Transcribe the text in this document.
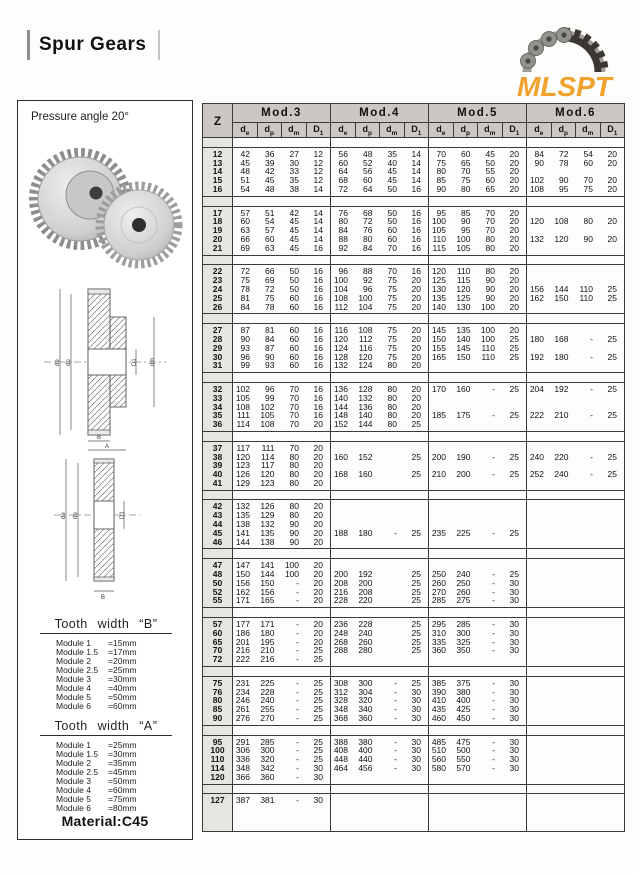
Spur Gears
MLSPT
Pressure angle 20°
de dp	D1 dm
B
A
de dp	D1
B
Tooth width “B”
Module 1	=15mm
Module 1.5	=17mm
Module 2	=20mm
Module 2.5	=25mm
Module 3	=30mm
Module 4	=40mm
Module 5	=50mm
Module 6	=60mm
Tooth width “A”
Module 1	=25mm
Module 1.5	=30mm
Module 2	=35mm
Module 2.5	=45mm
Module 3	=50mm
Module 4	=60mm
Module 5	=75mm
Module 6	=80mm
Material:C45
Z	Mod.3				Mod.4				Mod.5				Mod.6			
	$d_e$	$d_p$	$d_m$	$D_1$	$d_e$	$d_p$	$d_m$	$D_1$	$d_e$	$d_p$	$d_m$	$D_1$	$d_e$	$d_p$	$d_m$	$D_1$

12	42	36	27	12	56	48	35	14	70	60	45	20	84	72	54	20
13	45	39	30	12	60	52	40	14	75	65	50	20	90	78	60	20
14	48	42	33	12	64	56	45	14	80	70	55	20				
15	51	45	35	12	68	60	45	14	85	75	60	20	102	90	70	20
16	54	48	38	14	72	64	50	16	90	80	65	20	108	95	75	20

17	57	51	42	14	76	68	50	16	95	85	70	20				
18	60	54	45	14	80	72	50	16	100	90	70	20	120	108	80	20
19	63	57	45	14	84	76	60	16	105	95	70	20				
20	66	60	45	14	88	80	60	16	110	100	80	20	132	120	90	20
21	69	63	45	16	92	84	70	16	115	105	80	20				

22	72	66	50	16	96	88	70	16	120	110	80	20				
23	75	69	50	16	100	92	75	20	125	115	90	20				
24	78	72	50	16	104	96	75	20	130	120	90	20	156	144	110	25
25	81	75	60	16	108	100	75	20	135	125	90	20	162	150	110	25
26	84	78	60	16	112	104	75	20	140	130	100	20				

27	87	81	60	16	116	108	75	20	145	135	100	20				
28	90	84	60	16	120	112	75	20	150	140	100	25	180	168	-	25
29	93	87	60	16	124	116	75	20	155	145	110	25				
30	96	90	60	16	128	120	75	20	165	150	110	25	192	180	-	25
31	99	93	60	16	132	124	80	20								

32	102	96	70	16	136	128	80	20	170	160	-	25	204	192	-	25
33	105	99	70	16	140	132	80	20								
34	108	102	70	16	144	136	80	20								
35	111	105	70	16	148	140	80	20	185	175	-	25	222	210	-	25
36	114	108	70	20	152	144	80	25								

37	117	111	70	20												
38	120	114	80	20	160	152		25	200	190	-	25	240	220	-	25
39	123	117	80	20												
40	126	120	80	20	168	160		25	210	200	-	25	252	240	-	25
41	129	123	80	20												

42	132	126	80	20												
43	135	129	80	20												
44	138	132	90	20												
45	141	135	90	20	188	180	-	25	235	225	-	25				
46	144	138	90	20												

47	147	141	100	20												
48	150	144	100	20	200	192		25	250	240	-	25				
50	156	150	-	20	208	200		25	260	250	-	30				
52	162	156	-	20	216	208		25	270	260	-	30				
55	171	165	-	20	228	220		25	285	275	-	30				

57	177	171	-	20	236	228		25	295	285	-	30				
60	186	180	-	20	248	240		25	310	300	-	30				
65	201	195	-	20	268	260		25	335	325	-	30				
70	216	210	-	25	288	280		25	360	350	-	30				
72	222	216	-	25												

75	231	225	-	25	308	300	-	25	385	375	-	30				
76	234	228	-	25	312	304	-	30	390	380	-	30				
80	246	240	-	25	328	320	-	30	410	400	-	30				
85	261	255	-	25	348	340	-	30	435	425	-	30				
90	276	270	-	25	368	360	-	30	460	450	-	30				

95	291	285	-	25	388	380	-	30	485	475	-	30				
100	306	300	-	25	408	400	-	30	510	500	-	30				
110	336	320	-	25	448	440	-	30	560	550	-	30				
114	348	342	-	30	464	456	-	30	580	570	-	30				
120	366	360	-	30												

127	387	381	-	30												
